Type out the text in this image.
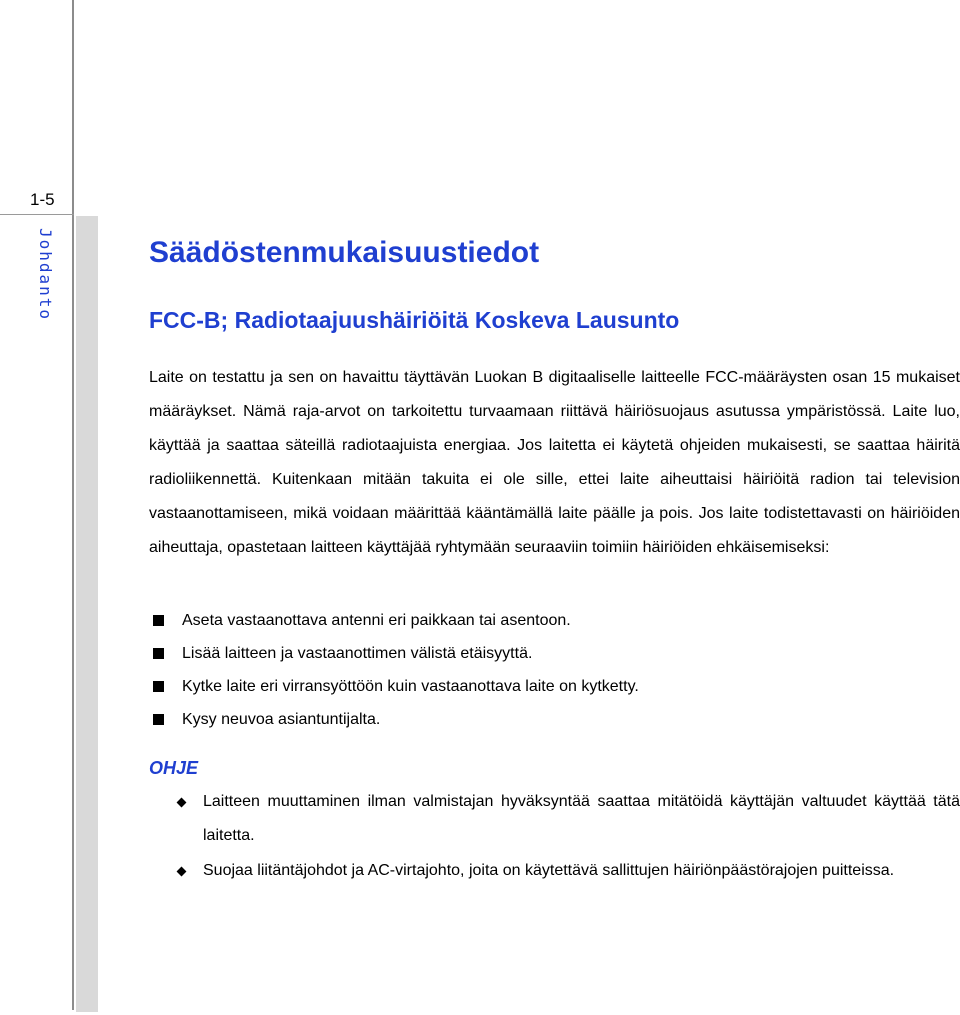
1-5
Johdanto	Säädöstenmukaisuustiedot
FCC-B; Radiotaajuushäiriöitä Koskeva Lausunto

Laite on testattu ja sen on havaittu täyttävän Luokan B digitaaliselle laitteelle FCC-määräysten osan 15 mukaiset määräykset. Nämä raja-arvot on tarkoitettu turvaamaan riittävä häiriösuojaus asutussa ympäristössä. Laite luo, käyttää ja saattaa säteillä radiotaajuista energiaa. Jos laitetta ei käytetä ohjeiden mukaisesti, se saattaa häiritä radioliikennettä. Kuitenkaan mitään takuita ei ole sille, ettei laite aiheuttaisi häiriöitä radion tai television vastaanottamiseen, mikä voidaan määrittää kääntämällä laite päälle ja pois. Jos laite todistettavasti on häiriöiden aiheuttaja, opastetaan laitteen käyttäjää ryhtymään seuraaviin toimiin häiriöiden ehkäisemiseksi:

Aseta vastaanottava antenni eri paikkaan tai asentoon.
Lisää laitteen ja vastaanottimen välistä etäisyyttä.
Kytke laite eri virransyöttöön kuin vastaanottava laite on kytketty.
Kysy neuvoa asiantuntijalta.
OHJE
Laitteen muuttaminen ilman valmistajan hyväksyntää saattaa mitätöidä käyttäjän valtuudet käyttää tätä laitetta.
Suojaa liitäntäjohdot ja AC-virtajohto, joita on käytettävä sallittujen häiriönpäästörajojen puitteissa.
